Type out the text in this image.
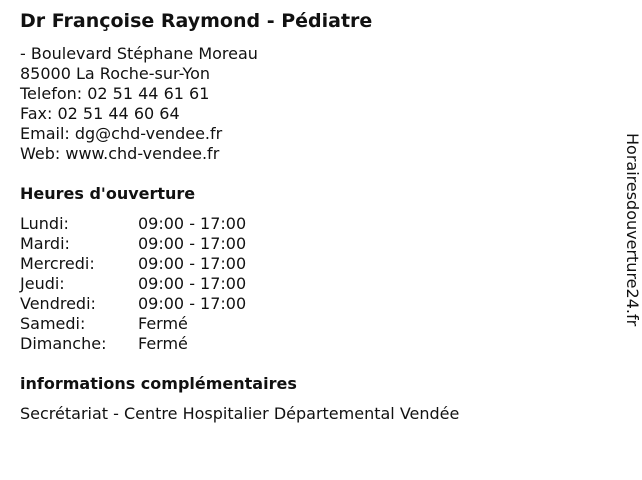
Dr Françoise Raymond - Pédiatre
- Boulevard Stéphane Moreau
85000 La Roche-sur-Yon
Telefon: 02 51 44 61 61
Fax: 02 51 44 60 64
Email: dg@chd-vendee.fr
Web: www.chd-vendee.fr
Heures d'ouverture
Lundi:	09:00 - 17:00
Mardi:	09:00 - 17:00
Mercredi:	09:00 - 17:00
Jeudi:	09:00 - 17:00
Vendredi:	09:00 - 17:00
Samedi:	Fermé
Dimanche:	Fermé
informations complémentaires
Secrétariat - Centre Hospitalier Départemental Vendée
Horairesdouverture24.fr
